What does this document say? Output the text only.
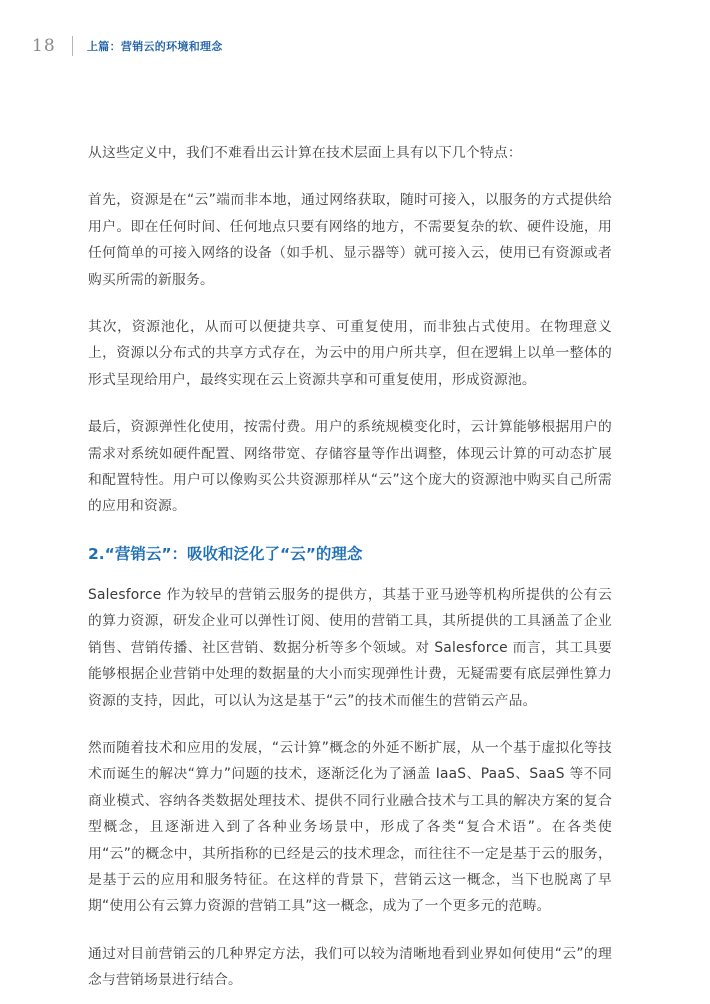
18	上篇：营销云的环境和理念

从这些定义中，我们不难看出云计算在技术层面上具有以下几个特点：

首先，资源是在“云”端而非本地，通过网络获取，随时可接入，以服务的方式提供给用户。即在任何时间、任何地点只要有网络的地方，不需要复杂的软、硬件设施，用任何简单的可接入网络的设备（如手机、显示器等）就可接入云，使用已有资源或者购买所需的新服务。

其次，资源池化，从而可以便捷共享、可重复使用，而非独占式使用。在物理意义上，资源以分布式的共享方式存在，为云中的用户所共享，但在逻辑上以单一整体的形式呈现给用户，最终实现在云上资源共享和可重复使用，形成资源池。

最后，资源弹性化使用，按需付费。用户的系统规模变化时，云计算能够根据用户的需求对系统如硬件配置、网络带宽、存储容量等作出调整，体现云计算的可动态扩展和配置特性。用户可以像购买公共资源那样从“云”这个庞大的资源池中购买自己所需的应用和资源。

2.“营销云”：吸收和泛化了“云”的理念

Salesforce 作为较早的营销云服务的提供方，其基于亚马逊等机构所提供的公有云的算力资源，研发企业可以弹性订阅、使用的营销工具，其所提供的工具涵盖了企业销售、营销传播、社区营销、数据分析等多个领域。对 Salesforce 而言，其工具要能够根据企业营销中处理的数据量的大小而实现弹性计费，无疑需要有底层弹性算力资源的支持，因此，可以认为这是基于“云”的技术而催生的营销云产品。

然而随着技术和应用的发展，“云计算”概念的外延不断扩展，从一个基于虚拟化等技术而诞生的解决“算力”问题的技术，逐渐泛化为了涵盖 IaaS、PaaS、SaaS 等不同商业模式、容纳各类数据处理技术、提供不同行业融合技术与工具的解决方案的复合型概念，且逐渐进入到了各种业务场景中，形成了各类“复合术语”。在各类使用“云”的概念中，其所指称的已经是云的技术理念，而往往不一定是基于云的服务，是基于云的应用和服务特征。在这样的背景下，营销云这一概念，当下也脱离了早期“使用公有云算力资源的营销工具”这一概念，成为了一个更多元的范畴。

通过对目前营销云的几种界定方法，我们可以较为清晰地看到业界如何使用“云”的理念与营销场景进行结合。
